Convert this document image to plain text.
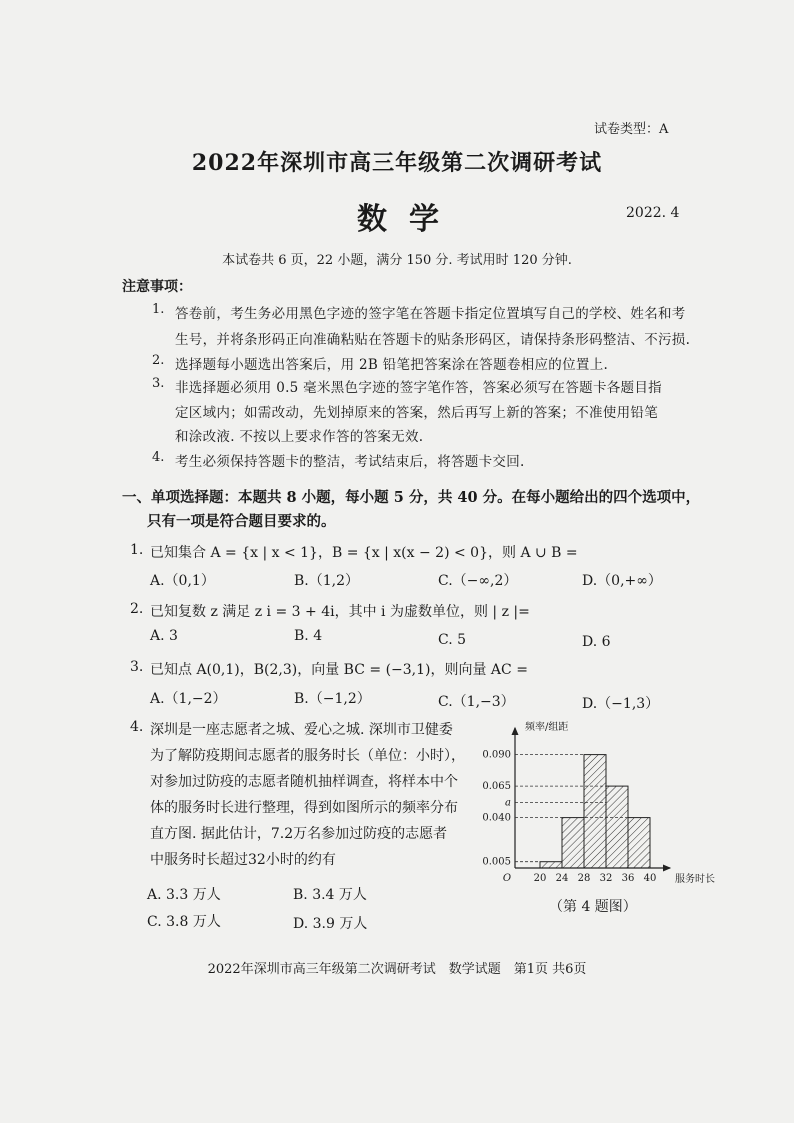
试卷类型：A
2022年深圳市高三年级第二次调研考试
数学	2022. 4
本试卷共 6 页，22 小题，满分 150 分. 考试用时 120 分钟.
注意事项：
1. 答卷前，考生务必用黑色字迹的签字笔在答题卡指定位置填写自己的学校、姓名和考
生号，并将条形码正向准确粘贴在答题卡的贴条形码区，请保持条形码整洁、不污损.
2. 选择题每小题选出答案后，用 2B 铅笔把答案涂在答题卷相应的位置上.
3. 非选择题必须用 0.5 毫米黑色字迹的签字笔作答，答案必须写在答题卡各题目指
定区域内；如需改动，先划掉原来的答案，然后再写上新的答案；不准使用铅笔
和涂改液. 不按以上要求作答的答案无效.
4. 考生必须保持答题卡的整洁，考试结束后，将答题卡交回.
一、单项选择题：本题共 8 小题，每小题 5 分，共 40 分。在每小题给出的四个选项中，
只有一项是符合题目要求的。
1. 已知集合 A = {x | x < 1}，B = {x | x(x − 2) < 0}，则 A ∪ B =
A.（0,1）	B.（1,2）	C.（−∞,2）	D.（0,+∞）
2. 已知复数 z 满足 z i = 3 + 4i，其中 i 为虚数单位，则 | z |=
A. 3	B. 4	C. 5	D. 6
3. 已知点 A(0,1)，B(2,3)，向量 BC = (−3,1)，则向量 AC =
A.（1,−2）	B.（−1,2）	C.（1,−3）	D.（−1,3）
4. 深圳是一座志愿者之城、爱心之城. 深圳市卫健委
为了解防疫期间志愿者的服务时长（单位：小时），
对参加过防疫的志愿者随机抽样调查，将样本中个
体的服务时长进行整理，得到如图所示的频率分布
直方图. 据此估计，7.2万名参加过防疫的志愿者
中服务时长超过32小时的约有
A. 3.3 万人	B. 3.4 万人
C. 3.8 万人	D. 3.9 万人
0.005
0.040
a
0.065
0.090
20 24 28 32 36 40
O
频率/组距
服务时长
（第 4 题图）
2022年深圳市高三年级第二次调研考试　数学试题　第1页 共6页
